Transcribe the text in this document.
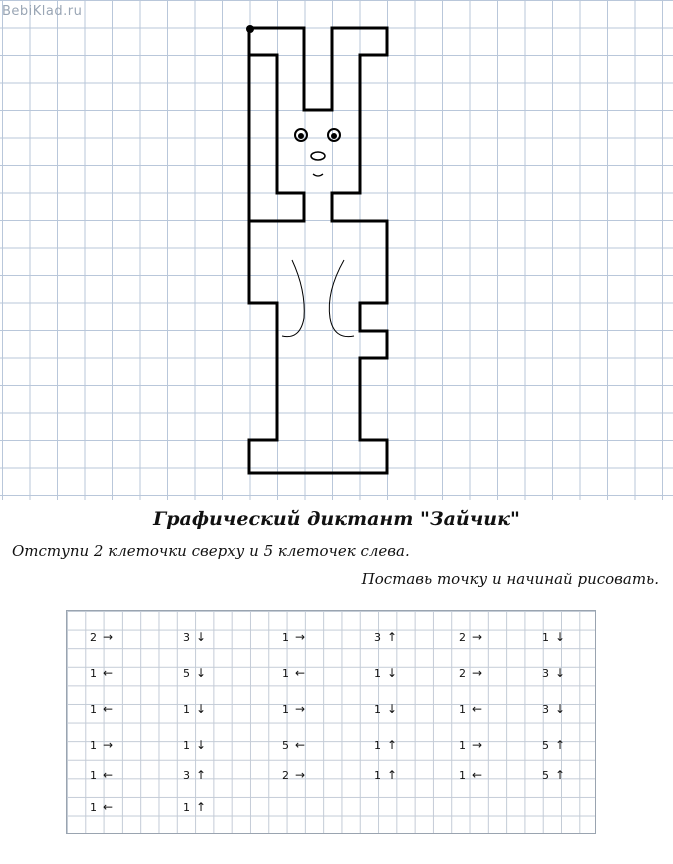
BebiKlad.ru
Графический диктант "Зайчик"
Отступи 2 клеточки сверху и 5 клеточек слева.
Поставь точку и начинай рисовать.
2 →	3 ↓	1 →	3 ↑	2 →	1 ↓
1 ←	5 ↓	1 ←	1 ↓	2 →	3 ↓
1 ←	1 ↓	1 →	1 ↓	1 ←	3 ↓
1 →	1 ↓	5 ←	1 ↑	1 →	5 ↑
1 ←	3 ↑	2 →	1 ↑	1 ←	5 ↑
1 ←	1 ↑
